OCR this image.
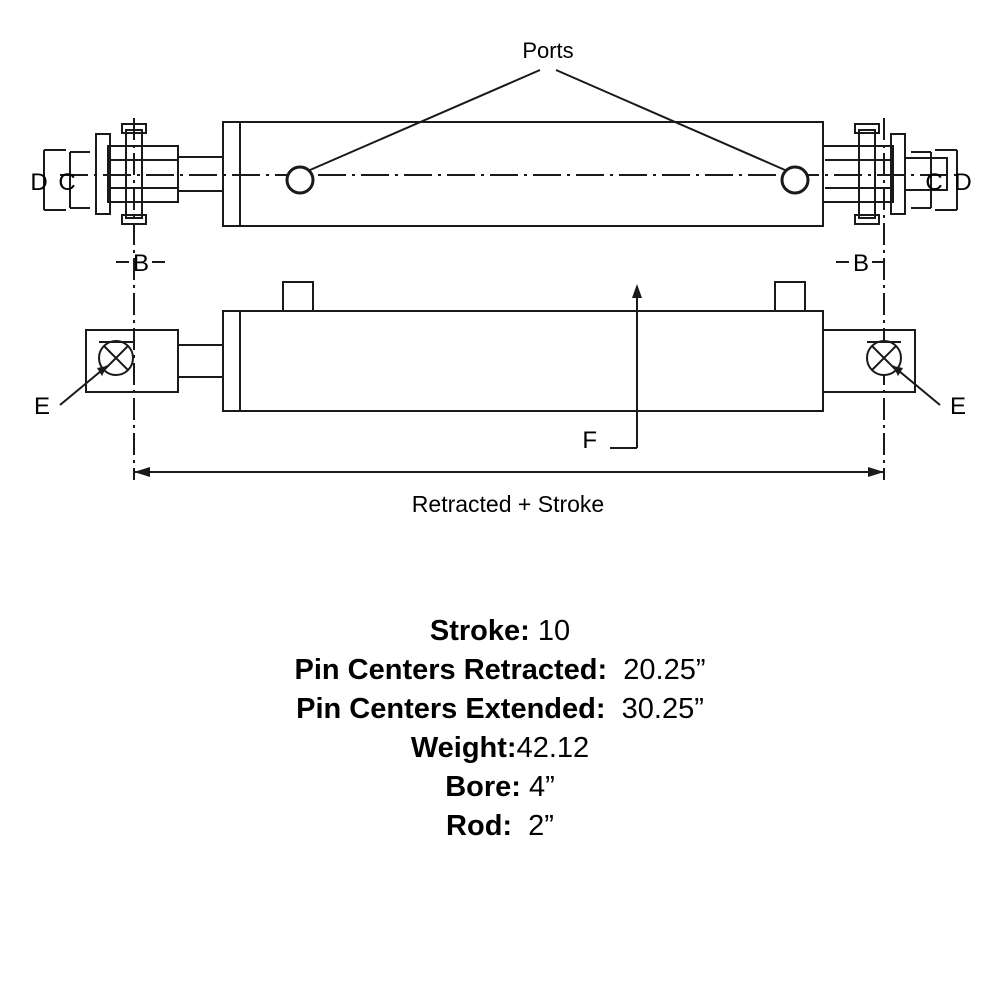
Ports
D C	C D
B	B
E	E
F
Retracted + Stroke
Stroke: 10
Pin Centers Retracted:  20.25”
Pin Centers Extended:  30.25”
Weight:42.12
Bore: 4”
Rod:  2”
